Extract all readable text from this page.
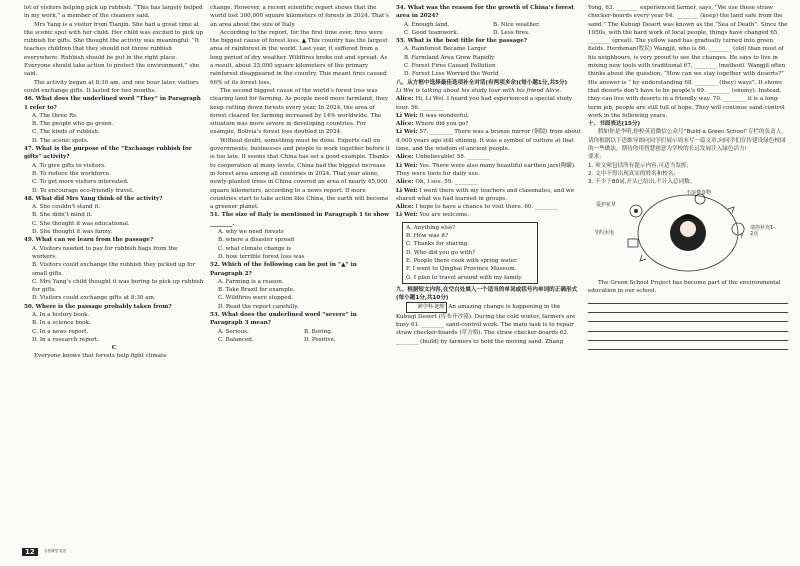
lot of visitors helping pick up rubbish. “This has largely helped in my work,” a member of the cleaners said.

Mrs Yang is a visitor from Tianjin. She had a great time at the scenic spot with her child. Her child was excited to pick up rubbish for gifts. She thought the activity was meaningful. “It teaches children that they should not throw rubbish everywhere. Rubbish should be put in the right place. Everyone should take action to protect the environment,” she said.

The activity began at 8:30 am, and one hour later, visitors could exchange gifts. It lasted for two months.

46. What does the underlined word “They” in Paragraph 1 refer to?

A. The three Rs.

B. The people who go green.

C. The kinds of rubbish.

D. The scenic spots.

47. What is the purpose of the “Exchange rubbish for gifts” activity?

A. To give gifts to visitors.

B. To reduce the workforce.

C. To get more visitors interested.

D. To encourage eco-friendly travel.

48. What did Mrs Yang think of the activity?

A. She couldn’t stand it.

B. She didn’t mind it.

C. She thought it was educational.

D. She thought it was funny.

49. What can we learn from the passage?

A. Visitors needed to pay for rubbish bags from the workers.

B. Visitors could exchange the rubbish they picked up for small gifts.

C. Mrs Yang’s child thought it was boring to pick up rubbish for gifts.

D. Visitors could exchange gifts at 8:30 am.

50. Where is the passage probably taken from?

A. In a history book.

B. In a science book.

C. In a news report.

D. In a research report.

C

Everyone knows that forests help fight climate

change. However, a recent scientific report shows that the world lost 300,000 square kilometers of forests in 2024. That’s an area about the size of Italy.

According to the report, for the first time ever, fires were the biggest cause of forest loss. ▲ This country has the largest area of rainforest in the world. Last year, it suffered from a long period of dry weather. Wildfires broke out and spread. As a result, about 25,000 square kilometers of the primary rainforest disappeared in the country. This meant fires caused 66% of its forest loss.

The second biggest cause of the world’s forest loss was clearing land for farming. As people need more farmland, they keep cutting down forests every year. In 2024, the area of forest cleared for farming increased by 14% worldwide. The situation was more severe in developing countries. For example, Bolivia’s forest loss doubled in 2024.

Without doubt, something must be done. Experts call on governments, businesses and people to work together before it is too late. It seems that China has set a good example. Thanks to cooperation at many levels, China had the biggest increase in forest area among all countries in 2024. That year alone, newly-planted trees in China covered an area of nearly 45,000 square kilometers, according to a news report. If more countries start to take action like China, the earth will become a greener planet.

51. The size of Italy is mentioned in Paragraph 1 to show ________.

A. why we need forests

B. where a disaster spread

C. what climate change is

D. how terrible forest loss was

52. Which of the following can be put in “▲” in Paragraph 2?

A. Farming is a reason.

B. Take Brazil for example.

C. Wildfires were stopped.

D. Read the report carefully.

53. What does the underlined word “severe” in Paragraph 3 mean?

A. Serious.	B. Boring.
C. Balanced.	D. Positive.

54. What was the reason for the growth of China’s forest area in 2024?

A. Enough land.	B. Nice weather.
C. Good teamwork.	D. Less fires.

55. What is the best title for the passage?

A. Rainforest Became Larger

B. Farmland Area Grew Rapidly

C. Forest Fires Caused Pollution

D. Forest Loss Worried the World

八、从方框中选择最佳选项补全对话(有两项多余)(每小题1分,共5分)

Li Wei is talking about his study tour with his friend Alice.

Alice: Hi, Li Wei. I heard you had experienced a special study tour. 56. ________

Li Wei: It was wonderful.

Alice: Where did you go?

Li Wei: 57. ________ There was a bronze mirror (铜镜) from about 4,000 years ago still shining. It was a symbol of culture at that time, and the wisdom of ancient people.

Alice: Unbelievable! 58. ________

Li Wei: Yes. There were also many beautiful earthen jars(陶罐). They were tools for daily use.

Alice: Oh, I see. 59. ________

Li Wei: I went there with my teachers and classmates, and we shared what we had learned in groups.

Alice: I hope to have a chance to visit there. 60. ________

Li Wei: You are welcome.

A. Anything else?
B. How was it?
C. Thanks for sharing.
D. Who did you go with?
E. People there cook with spring water.
F. I went to Qinghai Province Museum.
G. I plan to travel around with my family.

九、根据短文内容,在空白处填入一个适当的单词或括号内单词的正确形式(每小题1分,共10分)

跨学科·地理 An amazing change is happening in the Kubuqi Desert (库布齐沙漠). During the cold winter, farmers are busy 61. ________ sand-control work. The main task is to repair straw checker-boards (草方格). The straw checker-boards 62. ________ (build) by farmers to hold the moving sand. Zhang

Yong, 63. ________ experienced farmer, says, “We use these straw checker-boards every year 64. ________ (keep) the land safe from the sand.” The Kubuqi Desert was known as the “Sea of Death”. Since the 1950s, with the hard work of local people, things have changed 65. ________ (great). The yellow sand has gradually turned into green fields. Herdsman(牧民) Wangjil, who is 66. ________ (old) than most of his neighbours, is very proud to see the changes. He says to live in mixing new tools with traditional 67. ________ (method). Wangjil often thinks about the question, “How can we stay together with deserts?” His answer is “ by understanding 68. ________ (they) ways”. It shows that deserts don’t have to be people’s 69. ________ (enemy). Instead, they can live with deserts in a friendly way. 70. ________ it is a long-term job, people are still full of hope. They will continue sand-control work in the following years.

十、书面表达(15分)

假如你是李明,你校英语微信公众号“Build a Green School”专栏的负责人。请你根据以下思维导图向同学们展示周末写一篇文章,向同学们宣传建设绿色校园的一些做法。期待你用智慧创意为学校的长远发展注入绿色活力!

要求:

1. 须文须包括所有提示内容,可适当发挥;

2. 文中不得出现真实的姓名和校名;

3. 不少于80词,开头已给出,不计入总词数。

?
不浪费食物
爱护花草
节约水电
请你补充1-2点

The Green School Project has become part of the environmental education in our school.

12	名校课堂·英语
